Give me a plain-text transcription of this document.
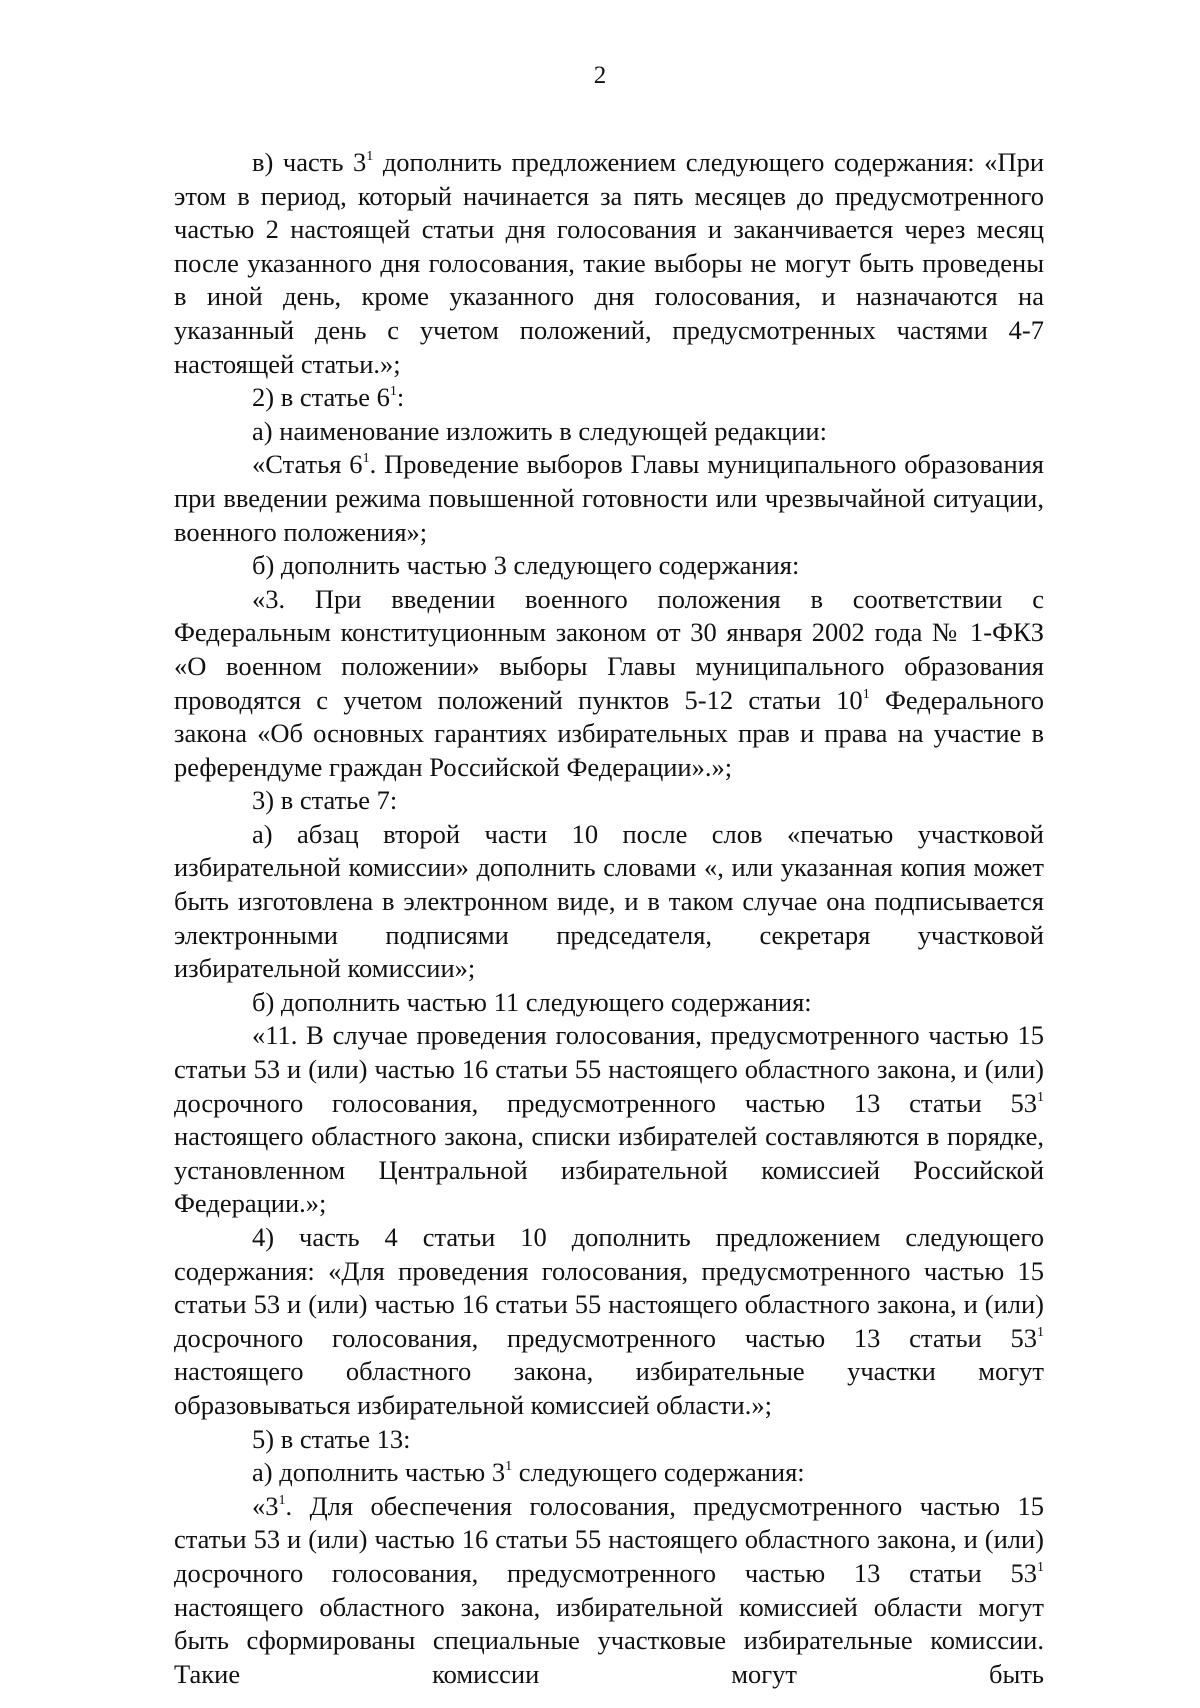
2

в) часть $3^1$ дополнить предложением следующего содержания: «При этом в период, который начинается за пять месяцев до предусмотренного частью 2 настоящей статьи дня голосования и заканчивается через месяц после указанного дня голосования, такие выборы не могут быть проведены в иной день, кроме указанного дня голосования, и назначаются на указанный день с учетом положений, предусмотренных частями 4-7 настоящей статьи.»;

2) в статье $6^1$:

а) наименование изложить в следующей редакции:

«Статья $6^1$. Проведение выборов Главы муниципального образования при введении режима повышенной готовности или чрезвычайной ситуации, военного положения»;

б) дополнить частью 3 следующего содержания:

«3. При введении военного положения в соответствии с Федеральным конституционным законом от 30 января 2002 года № 1-ФКЗ «О военном положении» выборы Главы муниципального образования проводятся с учетом положений пунктов 5-12 статьи $10^1$ Федерального закона «Об основных гарантиях избирательных прав и права на участие в референдуме граждан Российской Федерации».»;

3) в статье 7:

а) абзац второй части 10 после слов «печатью участковой избирательной комиссии» дополнить словами «, или указанная копия может быть изготовлена в электронном виде, и в таком случае она подписывается электронными подписями председателя, секретаря участковой избирательной комиссии»;

б) дополнить частью 11 следующего содержания:

«11. В случае проведения голосования, предусмотренного частью 15 статьи 53 и (или) частью 16 статьи 55 настоящего областного закона, и (или) досрочного голосования, предусмотренного частью 13 статьи $53^1$ настоящего областного закона, списки избирателей составляются в порядке, установленном Центральной избирательной комиссией Российской Федерации.»;

4) часть 4 статьи 10 дополнить предложением следующего содержания: «Для проведения голосования, предусмотренного частью 15 статьи 53 и (или) частью 16 статьи 55 настоящего областного закона, и (или) досрочного голосования, предусмотренного частью 13 статьи $53^1$ настоящего областного закона, избирательные участки могут образовываться избирательной комиссией области.»;

5) в статье 13:

а) дополнить частью $3^1$ следующего содержания:

«$3^1$. Для обеспечения голосования, предусмотренного частью 15 статьи 53 и (или) частью 16 статьи 55 настоящего областного закона, и (или) досрочного голосования, предусмотренного частью 13 статьи $53^1$ настоящего областного закона, избирательной комиссией области могут быть сформированы специальные участковые избирательные комиссии. Такие комиссии могут быть
